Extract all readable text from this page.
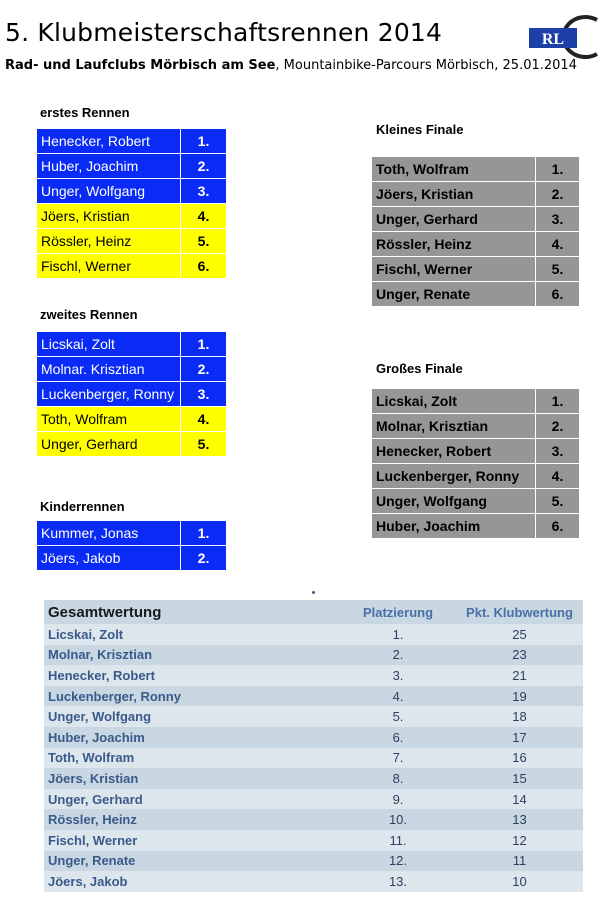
5. Klubmeisterschaftsrennen 2014
Rad- und Laufclubs Mörbisch am See, Mountainbike-Parcours Mörbisch, 25.01.2014
RL
erstes Rennen
Henecker, Robert	1.
Huber, Joachim	2.
Unger, Wolfgang	3.
Jöers, Kristian	4.
Rössler, Heinz	5.
Fischl, Werner	6.
zweites Rennen
Licskai, Zolt	1.
Molnar. Krisztian	2.
Luckenberger, Ronny	3.
Toth, Wolfram	4.
Unger, Gerhard	5.
Kinderrennen
Kummer, Jonas	1.
Jöers, Jakob	2.
Kleines Finale
Toth, Wolfram	1.
Jöers, Kristian	2.
Unger, Gerhard	3.
Rössler, Heinz	4.
Fischl, Werner	5.
Unger, Renate	6.
Großes Finale
Licskai, Zolt	1.
Molnar, Krisztian	2.
Henecker, Robert	3.
Luckenberger, Ronny	4.
Unger, Wolfgang	5.
Huber, Joachim	6.
Gesamtwertung	Platzierung	Pkt. Klubwertung
Licskai, Zolt	1.	25
Molnar, Krisztian	2.	23
Henecker, Robert	3.	21
Luckenberger, Ronny	4.	19
Unger, Wolfgang	5.	18
Huber, Joachim	6.	17
Toth, Wolfram	7.	16
Jöers, Kristian	8.	15
Unger, Gerhard	9.	14
Rössler, Heinz	10.	13
Fischl, Werner	11.	12
Unger, Renate	12.	11
Jöers, Jakob	13.	10
